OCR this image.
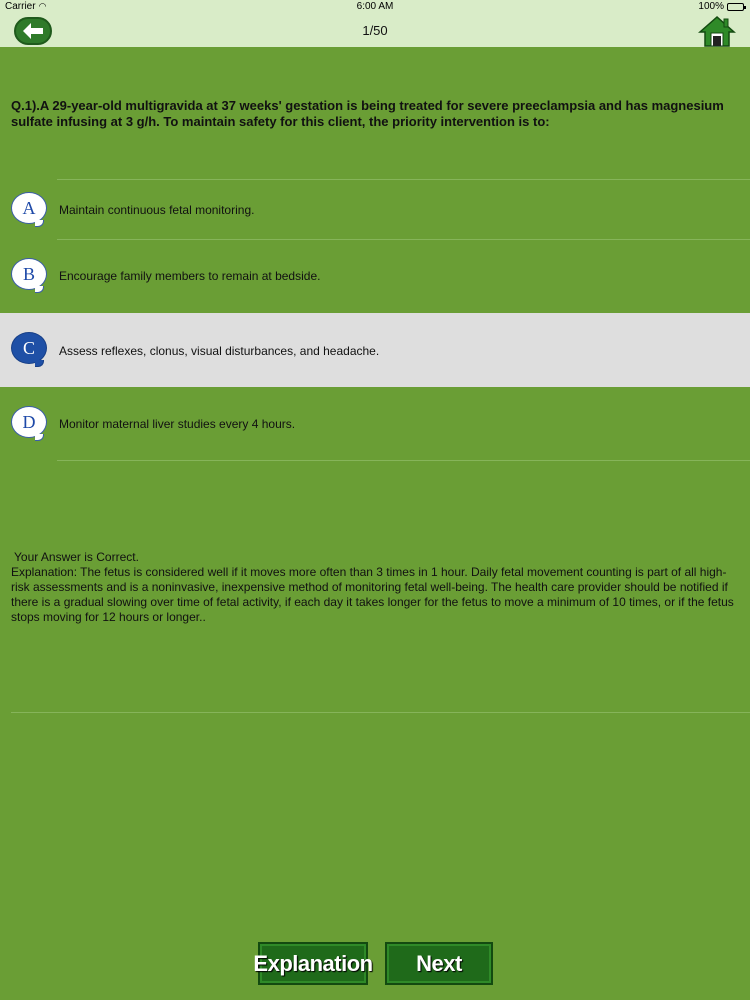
Carrier ◠	6:00 AM	100%
1/50
Q.1).A 29-year-old multigravida at 37 weeks' gestation is being treated for severe preeclampsia and has magnesium sulfate infusing at 3 g/h. To maintain safety for this client, the priority intervention is to:
A	Maintain continuous fetal monitoring.
B	Encourage family members to remain at bedside.
C	Assess reflexes, clonus, visual disturbances, and headache.
D	Monitor maternal liver studies every 4 hours.
Your Answer is Correct.
Explanation: The fetus is considered well if it moves more often than 3 times in 1 hour. Daily fetal movement counting is part of all high-risk assessments and is a noninvasive, inexpensive method of monitoring fetal well-being. The health care provider should be notified if there is a gradual slowing over time of fetal activity, if each day it takes longer for the fetus to move a minimum of 10 times, or if the fetus stops moving for 12 hours or longer..
Explanation	Next
